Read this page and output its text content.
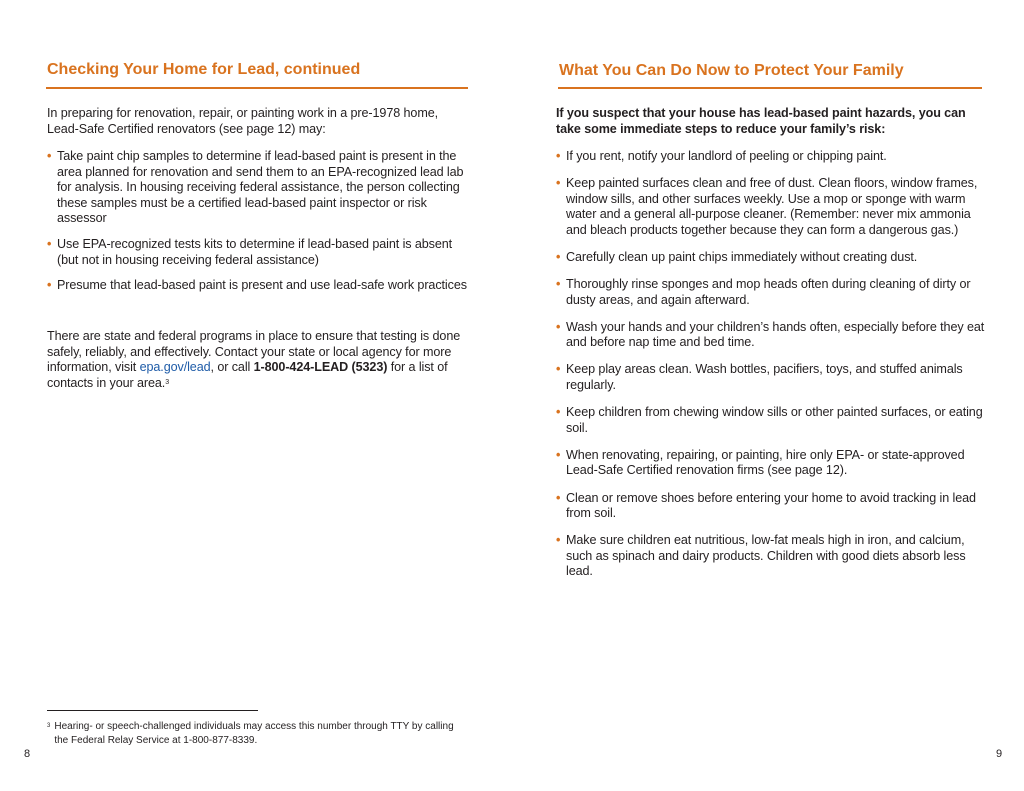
Checking Your Home for Lead, continued

In preparing for renovation, repair, or painting work in a pre-1978 home, Lead-Safe Certified renovators (see page 12) may:

• Take paint chip samples to determine if lead-based paint is present in the area planned for renovation and send them to an EPA-recognized lead lab for analysis. In housing receiving federal assistance, the person collecting these samples must be a certified lead-based paint inspector or risk assessor
• Use EPA-recognized tests kits to determine if lead-based paint is absent (but not in housing receiving federal assistance)
• Presume that lead-based paint is present and use lead-safe work practices

There are state and federal programs in place to ensure that testing is done safely, reliably, and effectively. Contact your state or local agency for more information, visit epa.gov/lead, or call 1-800-424-LEAD (5323) for a list of contacts in your area.$^3$

$^3$ Hearing- or speech-challenged individuals may access this number through TTY by calling the Federal Relay Service at 1-800-877-8339.

8

What You Can Do Now to Protect Your Family

If you suspect that your house has lead-based paint hazards, you can take some immediate steps to reduce your family’s risk:

• If you rent, notify your landlord of peeling or chipping paint.
• Keep painted surfaces clean and free of dust. Clean floors, window frames, window sills, and other surfaces weekly. Use a mop or sponge with warm water and a general all-purpose cleaner. (Remember: never mix ammonia and bleach products together because they can form a dangerous gas.)
• Carefully clean up paint chips immediately without creating dust.
• Thoroughly rinse sponges and mop heads often during cleaning of dirty or dusty areas, and again afterward.
• Wash your hands and your children’s hands often, especially before they eat and before nap time and bed time.
• Keep play areas clean. Wash bottles, pacifiers, toys, and stuffed animals regularly.
• Keep children from chewing window sills or other painted surfaces, or eating soil.
• When renovating, repairing, or painting, hire only EPA- or state-approved Lead-Safe Certified renovation firms (see page 12).
• Clean or remove shoes before entering your home to avoid tracking in lead from soil.
• Make sure children eat nutritious, low-fat meals high in iron, and calcium, such as spinach and dairy products. Children with good diets absorb less lead.

9
